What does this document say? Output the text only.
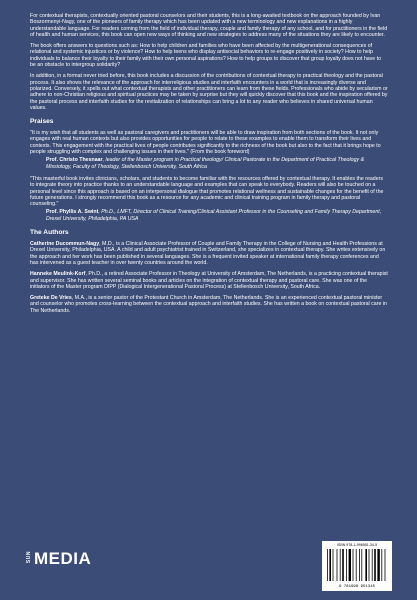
For contextual therapists, contextually oriented pastoral counselors and their students, this is a long-awaited textbook on the approach founded by Ivan Boszormenyi-Nagy, one of the pioneers of family therapy which has been updated with a new terminology and new explanations in a highly understandable language. For readers coming from the field of individual therapy, couple and family therapy of any school, and for practitioners in the field of health and human services, this book can open new ways of thinking and new strategies to address many of the situations they are likely to encounter.

The book offers answers to questions such as: How to help children and families who have been affected by the multigenerational consequences of relational and systemic injustices or by violence? How to help teens who display antisocial behaviors to re-engage positively in society? How to help individuals to balance their loyalty to their family with their own personal aspirations? How to help groups to discover that group loyalty does not have to be an obstacle to intergroup solidarity?

In addition, in a format never tried before, this book includes a discussion of the contributions of contextual therapy to practical theology and the pastoral process. It also shows the relevance of the approach for interreligious studies and interfaith encounters in a world that is increasingly diverse and polarized. Conversely, it spells out what contextual therapists and other practitioners can learn from these fields. Professionals who abide by secularism or adhere to non-Christian religious and spiritual practices may be taken by surprise but they will quickly discover that this book and the inspiration offered by the pastoral process and interfaith studies for the revitalization of relationships can bring a lot to any reader who believes in shared universal human values.

Praises

"It is my wish that all students as well as pastoral caregivers and practitioners will be able to draw inspiration from both sections of the book. It not only engages with real human contexts but also provides opportunities for people to relate to these examples to enable them to transform their lives and contexts. This engagement with the practical lives of people contributes significantly to the richness of the book but also to the fact that it brings hope to people struggling with complex and challenging issues in their lives." (From the book foreword)

Prof. Christo Thesnaar, leader of the Master program in Practical theology/ Clinical Pastorate in the Department of Practical Theology & Missiology, Faculty of Theology, Stellenbosch University, South Africa

"This masterful book invites clinicians, scholars, and students to become familiar with the resources offered by contextual therapy. It enables the readers to integrate theory into practice thanks to an understandable language and examples that can speak to everybody. Readers will also be touched on a personal level since this approach is based on an interpersonal dialogue that promotes relational wellness and sustainable changes for the benefit of the future generations. I strongly recommend this book as a resource for any academic and clinical training program in family therapy and pastoral counseling."

Prof. Phyllis A. Swint, Ph.D., LMFT, Director of Clinical Training/Clinical Assistant Professor in the Counseling and Family Therapy Department, Drexel University, Philadelphia, PA USA

The Authors

Catherine Ducommun-Nagy, M.D., is a Clinical Associate Professor of Couple and Family Therapy in the College of Nursing and Health Professions at Drexel University, Philadelphia, USA. A child and adult psychiatrist trained in Switzerland, she specializes in contextual therapy. She writes extensively on the approach and her work has been published in several languages. She is a frequent invited speaker at international family therapy conferences and has intervened as a guest teacher in over twenty countries around the world.

Hanneke Meulink-Korf, Ph.D., a retired Associate Professor in Theology at University of Amsterdam, The Netherlands, is a practicing contextual therapist and supervisor. She has written several seminal books and articles on the integration of contextual therapy and pastoral care. She was one of the initiators of the Master program DIPP (Dialogical Intergenerational Pastoral Process) at Stellenbosch University, South Africa.

Greteke De Vries, M.A., is a senior pastor of the Protestant Church in Amsterdam, The Netherlands. She is an experienced contextual pastoral minister and counselor who promotes cross-learning between the contextual approach and interfaith studies. She has written a book on contextual pastoral care in The Netherlands.

SUN MEDIA
ISBN 978-1-998951-34-5
9 781998 951345
